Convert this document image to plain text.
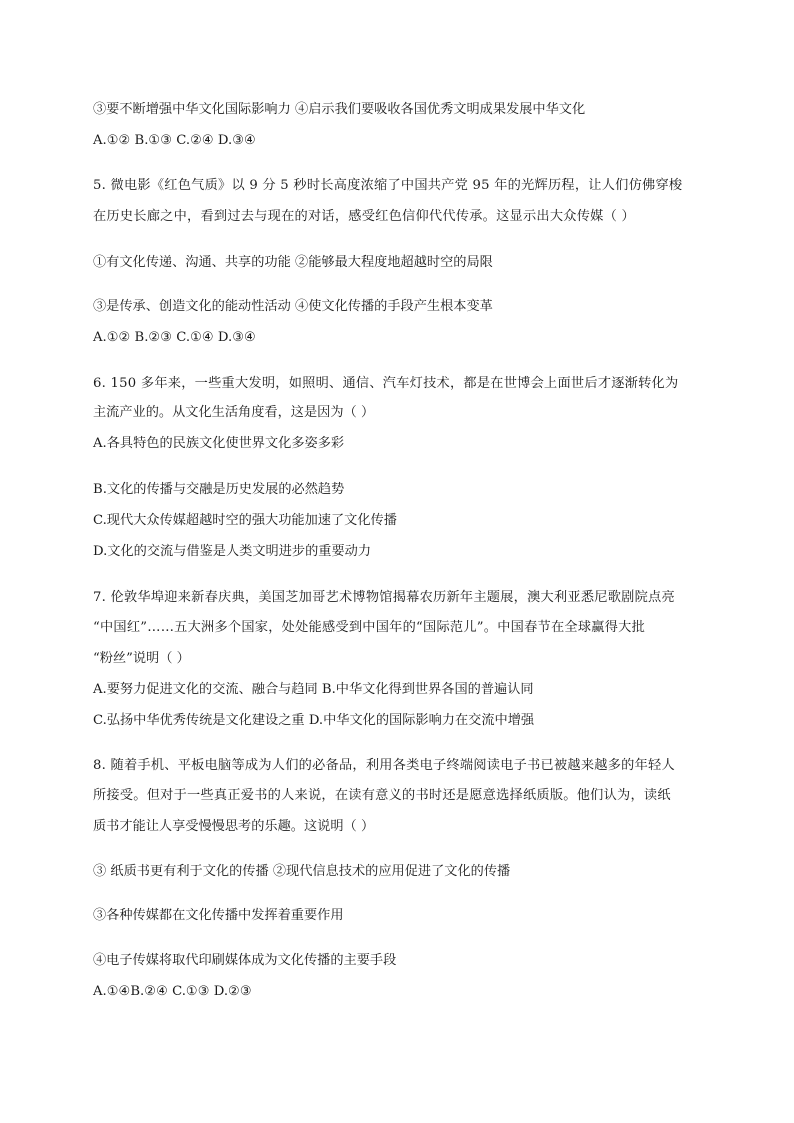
③要不断增强中华文化国际影响力 ④启示我们要吸收各国优秀文明成果发展中华文化
A.①② B.①③ C.②④ D.③④
5. 微电影《红色气质》以 9 分 5 秒时长高度浓缩了中国共产党 95 年的光辉历程，让人们仿佛穿梭
在历史长廊之中，看到过去与现在的对话，感受红色信仰代代传承。这显示出大众传媒（ ）
①有文化传递、沟通、共享的功能 ②能够最大程度地超越时空的局限
③是传承、创造文化的能动性活动 ④使文化传播的手段产生根本变革
A.①② B.②③ C.①④ D.③④
6. 150 多年来，一些重大发明，如照明、通信、汽车灯技术，都是在世博会上面世后才逐渐转化为
主流产业的。从文化生活角度看，这是因为（ ）
A.各具特色的民族文化使世界文化多姿多彩
B.文化的传播与交融是历史发展的必然趋势
C.现代大众传媒超越时空的强大功能加速了文化传播
D.文化的交流与借鉴是人类文明进步的重要动力
7. 伦敦华埠迎来新春庆典，美国芝加哥艺术博物馆揭幕农历新年主题展，澳大利亚悉尼歌剧院点亮
“中国红”……五大洲多个国家，处处能感受到中国年的“国际范儿”。中国春节在全球赢得大批
“粉丝”说明（ ）
A.要努力促进文化的交流、融合与趋同 B.中华文化得到世界各国的普遍认同
C.弘扬中华优秀传统是文化建设之重 D.中华文化的国际影响力在交流中增强
8. 随着手机、平板电脑等成为人们的必备品，利用各类电子终端阅读电子书已被越来越多的年轻人
所接受。但对于一些真正爱书的人来说，在读有意义的书时还是愿意选择纸质版。他们认为，读纸
质书才能让人享受慢慢思考的乐趣。这说明（ ）
③ 纸质书更有利于文化的传播 ②现代信息技术的应用促进了文化的传播
③各种传媒都在文化传播中发挥着重要作用
④电子传媒将取代印刷媒体成为文化传播的主要手段
A.①④B.②④ C.①③ D.②③
